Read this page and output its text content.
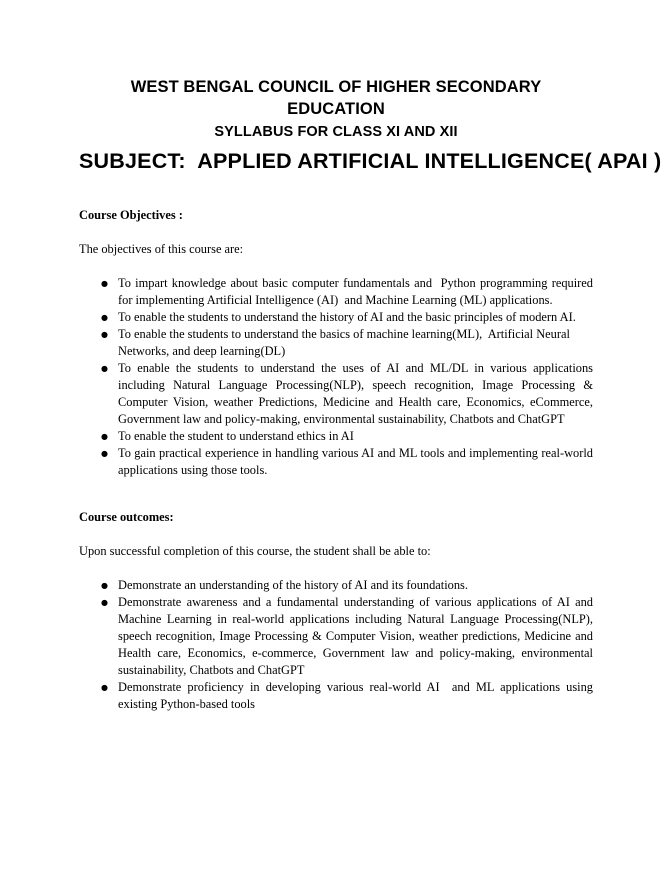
WEST BENGAL COUNCIL OF HIGHER SECONDARY EDUCATION
SYLLABUS FOR CLASS XI AND XII
SUBJECT:  APPLIED ARTIFICIAL INTELLIGENCE( APAI )
Course Objectives :
The objectives of this course are:
● To impart knowledge about basic computer fundamentals and  Python programming required for implementing Artificial Intelligence (AI)  and Machine Learning (ML) applications.
● To enable the students to understand the history of AI and the basic principles of modern AI.
● To enable the students to understand the basics of machine learning(ML),  Artificial Neural Networks, and deep learning(DL)
● To enable the students to understand the uses of AI and ML/DL in various applications including Natural Language Processing(NLP), speech recognition, Image Processing & Computer Vision, weather Predictions, Medicine and Health care, Economics, eCommerce, Government law and policy-making, environmental sustainability, Chatbots and ChatGPT
● To enable the student to understand ethics in AI
● To gain practical experience in handling various AI and ML tools and implementing real-world applications using those tools.
Course outcomes:
Upon successful completion of this course, the student shall be able to:
● Demonstrate an understanding of the history of AI and its foundations.
● Demonstrate awareness and a fundamental understanding of various applications of AI and   Machine Learning in real-world applications including Natural Language Processing(NLP), speech recognition, Image Processing & Computer Vision, weather predictions, Medicine and Health care, Economics, e-commerce, Government law and policy-making, environmental sustainability, Chatbots and ChatGPT
● Demonstrate proficiency in developing various real-world AI  and ML applications using existing Python-based tools
